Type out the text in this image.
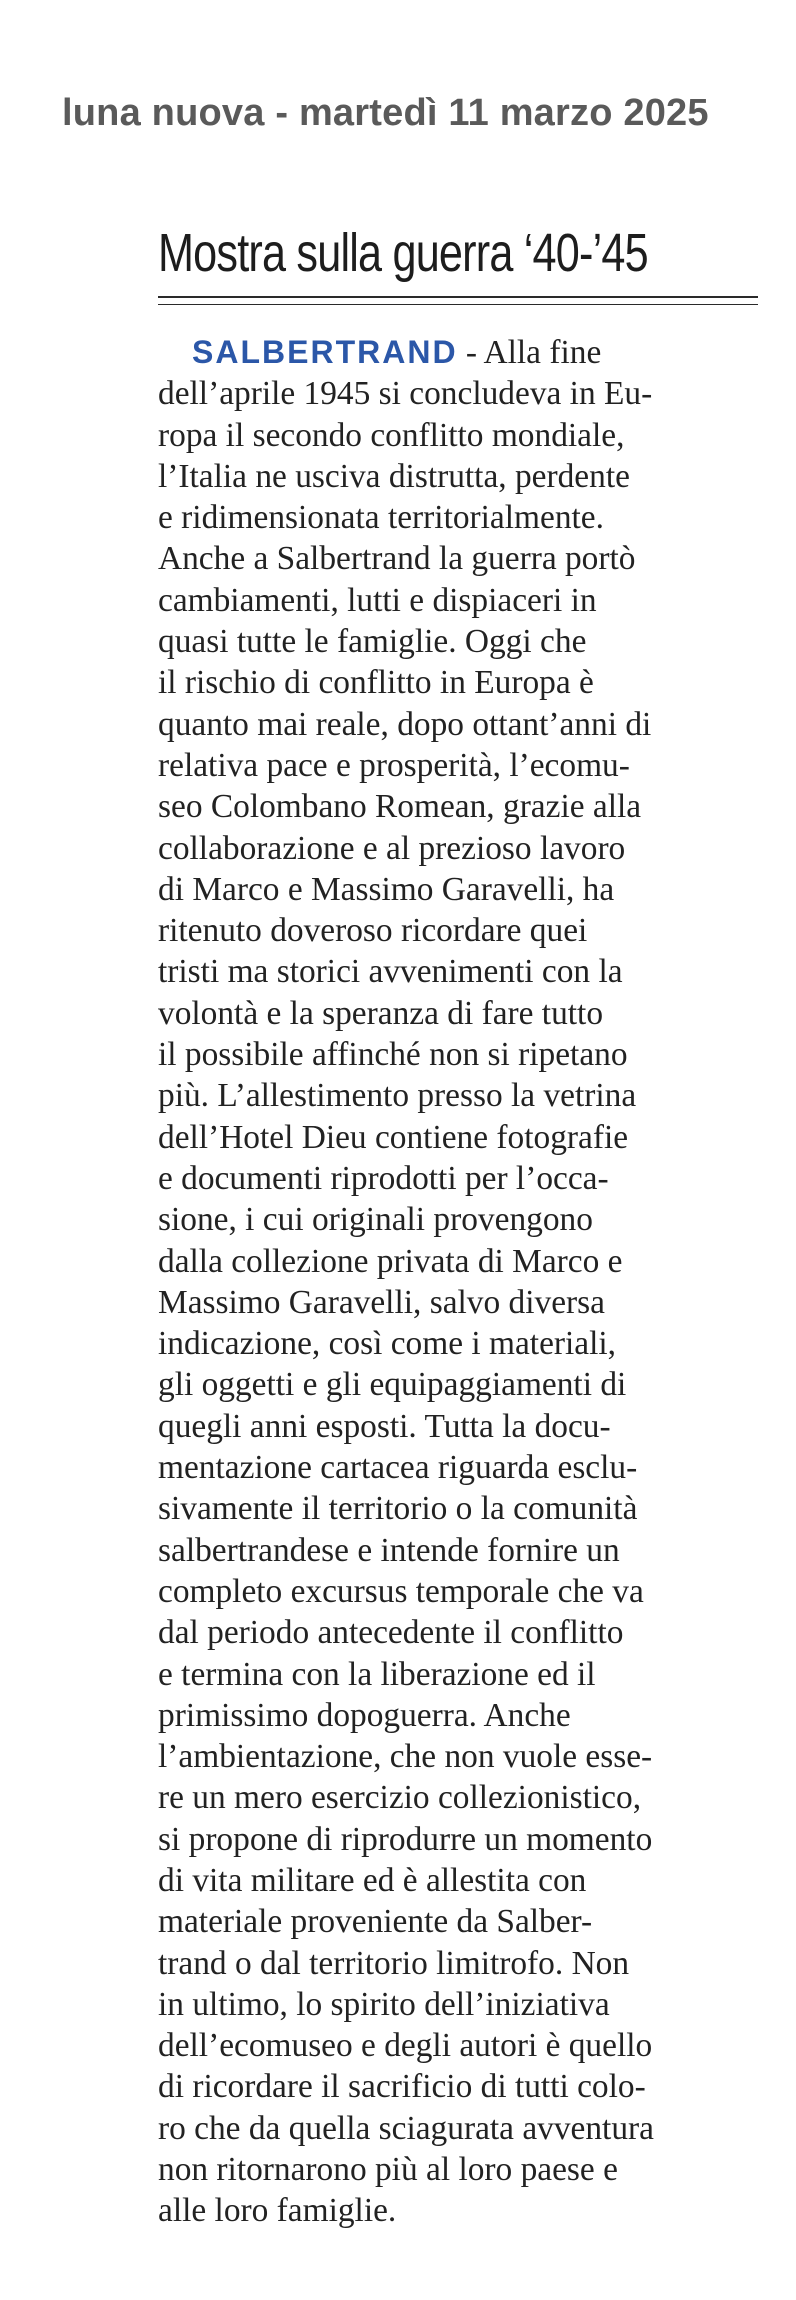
luna nuova - martedì 11 marzo 2025
Mostra sulla guerra ‘40-’45
SALBERTRAND - Alla fine
dell’aprile 1945 si concludeva in Eu-
ropa il secondo conflitto mondiale,
l’Italia ne usciva distrutta, perdente
e ridimensionata territorialmente.
Anche a Salbertrand la guerra portò
cambiamenti, lutti e dispiaceri in
quasi tutte le famiglie. Oggi che
il rischio di conflitto in Europa è
quanto mai reale, dopo ottant’anni di
relativa pace e prosperità, l’ecomu-
seo Colombano Romean, grazie alla
collaborazione e al prezioso lavoro
di Marco e Massimo Garavelli, ha
ritenuto doveroso ricordare quei
tristi ma storici avvenimenti con la
volontà e la speranza di fare tutto
il possibile affinché non si ripetano
più. L’allestimento presso la vetrina
dell’Hotel Dieu contiene fotografie
e documenti riprodotti per l’occa-
sione, i cui originali provengono
dalla collezione privata di Marco e
Massimo Garavelli, salvo diversa
indicazione, così come i materiali,
gli oggetti e gli equipaggiamenti di
quegli anni esposti. Tutta la docu-
mentazione cartacea riguarda esclu-
sivamente il territorio o la comunità
salbertrandese e intende fornire un
completo excursus temporale che va
dal periodo antecedente il conflitto
e termina con la liberazione ed il
primissimo dopoguerra. Anche
l’ambientazione, che non vuole esse-
re un mero esercizio collezionistico,
si propone di riprodurre un momento
di vita militare ed è allestita con
materiale proveniente da Salber-
trand o dal territorio limitrofo. Non
in ultimo, lo spirito dell’iniziativa
dell’ecomuseo e degli autori è quello
di ricordare il sacrificio di tutti colo-
ro che da quella sciagurata avventura
non ritornarono più al loro paese e
alle loro famiglie.
